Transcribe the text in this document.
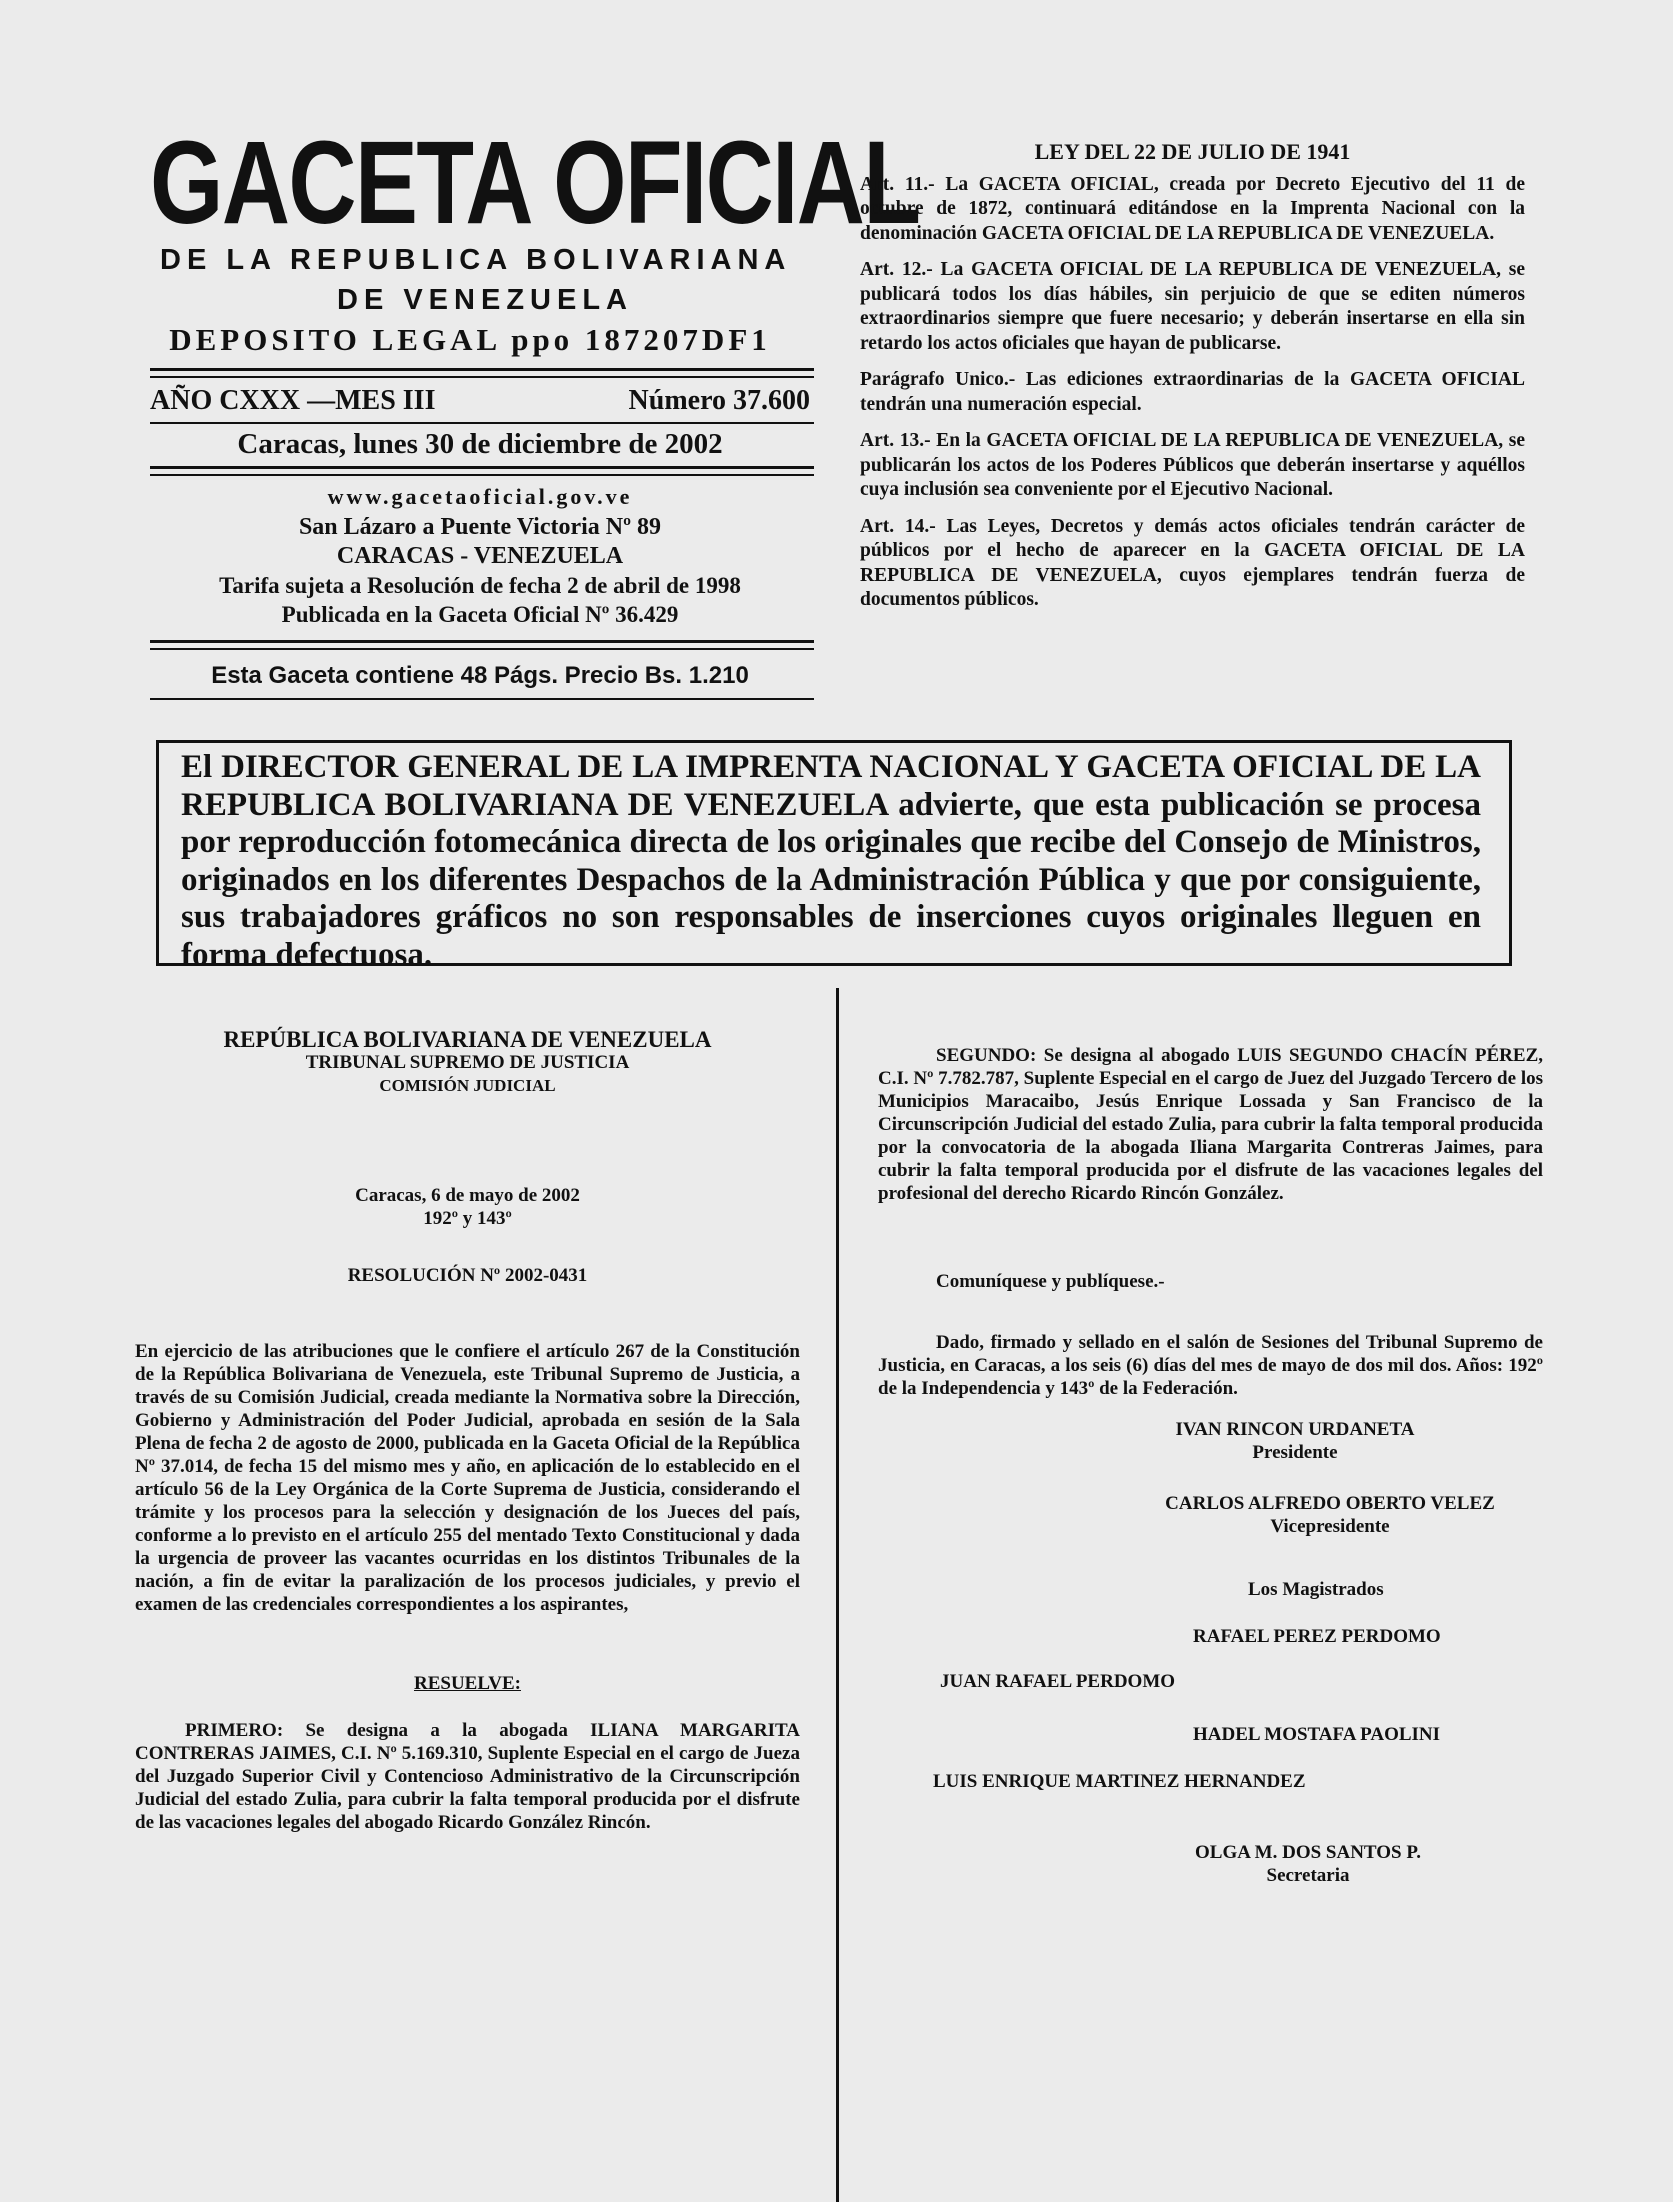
GACETA OFICIAL
DE LA REPUBLICA BOLIVARIANA
DE VENEZUELA
DEPOSITO LEGAL ppo 187207DF1
AÑO CXXX —MES III	Número 37.600
Caracas, lunes 30 de diciembre de 2002
www.gacetaoficial.gov.ve
San Lázaro a Puente Victoria Nº 89
CARACAS - VENEZUELA
Tarifa sujeta a Resolución de fecha 2 de abril de 1998
Publicada en la Gaceta Oficial Nº 36.429
Esta Gaceta contiene 48 Págs. Precio Bs. 1.210
LEY DEL 22 DE JULIO DE 1941

Art. 11.- La GACETA OFICIAL, creada por Decreto Ejecutivo del 11 de octubre de 1872, continuará editándose en la Imprenta Nacional con la denominación GACETA OFICIAL DE LA REPUBLICA DE VENEZUELA.

Art. 12.- La GACETA OFICIAL DE LA REPUBLICA DE VENEZUELA, se publicará todos los días hábiles, sin perjuicio de que se editen números extraordinarios siempre que fuere necesario; y deberán insertarse en ella sin retardo los actos oficiales que hayan de publicarse.

Parágrafo Unico.- Las ediciones extraordinarias de la GACETA OFICIAL tendrán una numeración especial.

Art. 13.- En la GACETA OFICIAL DE LA REPUBLICA DE VENEZUELA, se publicarán los actos de los Poderes Públicos que deberán insertarse y aquéllos cuya inclusión sea conveniente por el Ejecutivo Nacional.

Art. 14.- Las Leyes, Decretos y demás actos oficiales tendrán carácter de públicos por el hecho de aparecer en la GACETA OFICIAL DE LA REPUBLICA DE VENEZUELA, cuyos ejemplares tendrán fuerza de documentos públicos.

El DIRECTOR GENERAL DE LA IMPRENTA NACIONAL Y GACETA OFICIAL DE LA REPUBLICA BOLIVARIANA DE VENEZUELA advierte, que esta publicación se procesa por reproducción fotomecánica directa de los originales que recibe del Consejo de Ministros, originados en los diferentes Despachos de la Administración Pública y que por consiguiente, sus trabajadores gráficos no son responsables de inserciones cuyos originales lleguen en forma defectuosa.
REPÚBLICA BOLIVARIANA DE VENEZUELA
TRIBUNAL SUPREMO DE JUSTICIA
COMISIÓN JUDICIAL
Caracas, 6 de mayo de 2002
192º y 143º
RESOLUCIÓN Nº 2002-0431

En ejercicio de las atribuciones que le confiere el artículo 267 de la Constitución de la República Bolivariana de Venezuela, este Tribunal Supremo de Justicia, a través de su Comisión Judicial, creada mediante la Normativa sobre la Dirección, Gobierno y Administración del Poder Judicial, aprobada en sesión de la Sala Plena de fecha 2 de agosto de 2000, publicada en la Gaceta Oficial de la República Nº 37.014, de fecha 15 del mismo mes y año, en aplicación de lo establecido en el artículo 56 de la Ley Orgánica de la Corte Suprema de Justicia, considerando el trámite y los procesos para la selección y designación de los Jueces del país, conforme a lo previsto en el artículo 255 del mentado Texto Constitucional y dada la urgencia de proveer las vacantes ocurridas en los distintos Tribunales de la nación, a fin de evitar la paralización de los procesos judiciales, y previo el examen de las credenciales correspondientes a los aspirantes,

RESUELVE:

PRIMERO: Se designa a la abogada ILIANA MARGARITA CONTRERAS JAIMES, C.I. Nº 5.169.310, Suplente Especial en el cargo de Jueza del Juzgado Superior Civil y Contencioso Administrativo de la Circunscripción Judicial del estado Zulia, para cubrir la falta temporal producida por el disfrute de las vacaciones legales del abogado Ricardo González Rincón.

SEGUNDO: Se designa al abogado LUIS SEGUNDO CHACÍN PÉREZ, C.I. Nº 7.782.787, Suplente Especial en el cargo de Juez del Juzgado Tercero de los Municipios Maracaibo, Jesús Enrique Lossada y San Francisco de la Circunscripción Judicial del estado Zulia, para cubrir la falta temporal producida por la convocatoria de la abogada Iliana Margarita Contreras Jaimes, para cubrir la falta temporal producida por el disfrute de las vacaciones legales del profesional del derecho Ricardo Rincón González.

Comuníquese y publíquese.-

Dado, firmado y sellado en el salón de Sesiones del Tribunal Supremo de Justicia, en Caracas, a los seis (6) días del mes de mayo de dos mil dos. Años: 192º de la Independencia y 143º de la Federación.

IVAN RINCON URDANETA
Presidente
CARLOS ALFREDO OBERTO VELEZ
Vicepresidente
Los Magistrados
RAFAEL PEREZ PERDOMO
JUAN RAFAEL PERDOMO
HADEL MOSTAFA PAOLINI
LUIS ENRIQUE MARTINEZ HERNANDEZ
OLGA M. DOS SANTOS P.
Secretaria
